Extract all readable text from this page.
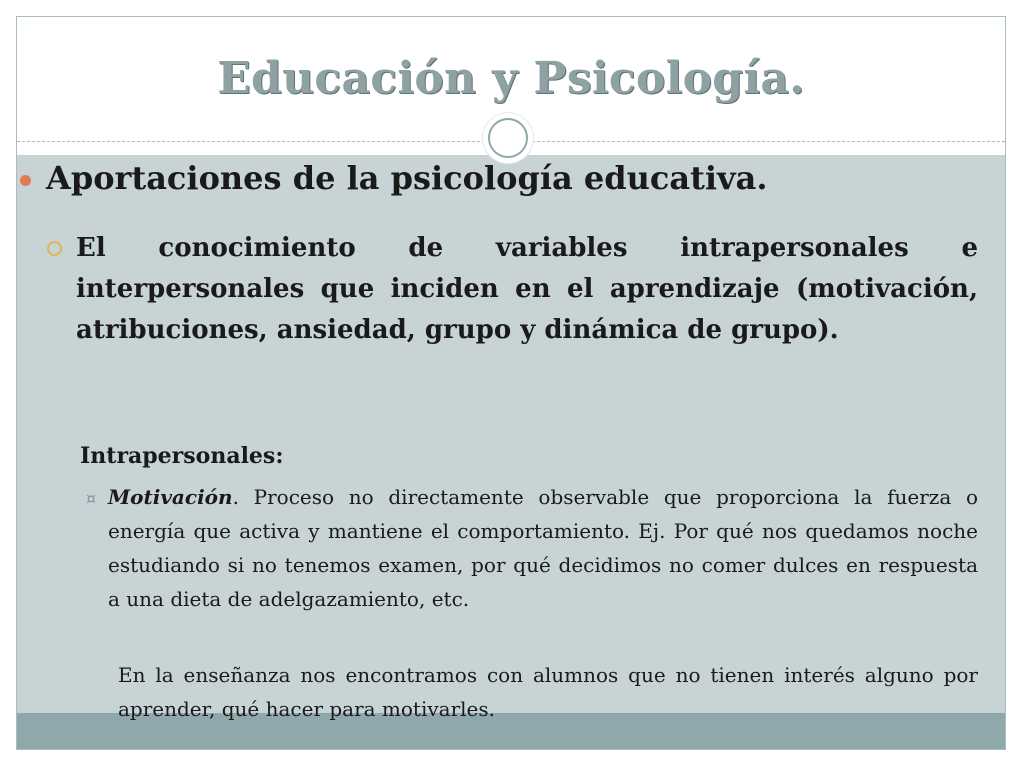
Educación y Psicología.
Aportaciones de la psicología educativa.
El conocimiento de variables intrapersonales e interpersonales que inciden en el aprendizaje (motivación, atribuciones, ansiedad, grupo y dinámica de grupo).
Intrapersonales:
¤ Motivación. Proceso no directamente observable que proporciona la fuerza o energía que activa y mantiene el comportamiento. Ej. Por qué nos quedamos noche estudiando si no tenemos examen, por qué decidimos no comer dulces en respuesta a una dieta de adelgazamiento, etc.
En la enseñanza nos encontramos con alumnos que no tienen interés alguno por aprender, qué hacer para motivarles.
